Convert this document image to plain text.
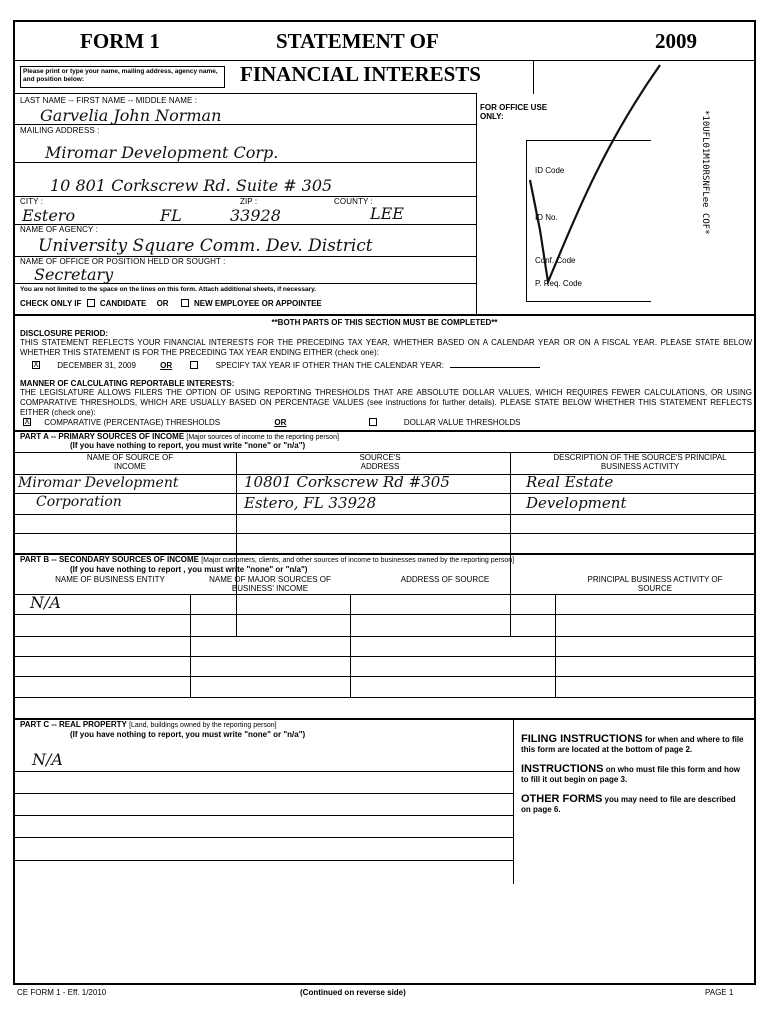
FORM 1	STATEMENT OF	2009
FINANCIAL INTERESTS
Please print or type your name, mailing address, agency name, and position below:
LAST NAME -- FIRST NAME -- MIDDLE NAME :
Garvelia John Norman
MAILING ADDRESS :
Miromar Development Corp.
10 801 Corkscrew Rd. Suite # 305
CITY :	ZIP :	COUNTY :
Estero	FL	33928	LEE
NAME OF AGENCY :
University Square Comm. Dev. District
NAME OF OFFICE OR POSITION HELD OR SOUGHT :
Secretary
You are not limited to the space on the lines on this form. Attach additional sheets, if necessary.
CHECK ONLY IF CANDIDATE OR	NEW EMPLOYEE OR APPOINTEE
FOR OFFICE USE ONLY:
ID Code
ID No.
Conf. Code
P. Req. Code
*10UFL01M10RSNFLee COF*
**BOTH PARTS OF THIS SECTION MUST BE COMPLETED**
DISCLOSURE PERIOD:
THIS STATEMENT REFLECTS YOUR FINANCIAL INTERESTS FOR THE PRECEDING TAX YEAR, WHETHER BASED ON A CALENDAR YEAR OR ON A FISCAL YEAR. PLEASE STATE BELOW WHETHER THIS STATEMENT IS FOR THE PRECEDING TAX YEAR ENDING EITHER (check one):
X DECEMBER 31, 2009	OR	SPECIFY TAX YEAR IF OTHER THAN THE CALENDAR YEAR:
MANNER OF CALCULATING REPORTABLE INTERESTS:
THE LEGISLATURE ALLOWS FILERS THE OPTION OF USING REPORTING THRESHOLDS THAT ARE ABSOLUTE DOLLAR VALUES, WHICH REQUIRES FEWER CALCULATIONS, OR USING COMPARATIVE THRESHOLDS, WHICH ARE USUALLY BASED ON PERCENTAGE VALUES (see instructions for further details). PLEASE STATE BELOW WHETHER THIS STATEMENT REFLECTS EITHER (check one):
X COMPARATIVE (PERCENTAGE) THRESHOLDS	OR	DOLLAR VALUE THRESHOLDS
PART A -- PRIMARY SOURCES OF INCOME [Major sources of income to the reporting person]
(If you have nothing to report, you must write "none" or "n/a")
NAME OF SOURCE OF INCOME
SOURCE'S ADDRESS
DESCRIPTION OF THE SOURCE'S PRINCIPAL BUSINESS ACTIVITY
Miromar Development	10801 Corkscrew Rd #305	Real Estate
Corporation	Estero, FL 33928	Development
PART B -- SECONDARY SOURCES OF INCOME [Major customers, clients, and other sources of income to businesses owned by the reporting person]
(If you have nothing to report , you must write "none" or "n/a")
NAME OF BUSINESS ENTITY	NAME OF MAJOR SOURCES OF BUSINESS' INCOME
ADDRESS OF SOURCE	PRINCIPAL BUSINESS ACTIVITY OF SOURCE
N/A
PART C -- REAL PROPERTY [Land, buildings owned by the reporting person]
(If you have nothing to report, you must write "none" or "n/a")
N/A
FILING INSTRUCTIONS for when and where to file this form are located at the bottom of page 2.
INSTRUCTIONS on who must file this form and how to fill it out begin on page 3.
OTHER FORMS you may need to file are described on page 6.
CE FORM 1 - Eff. 1/2010	(Continued on reverse side)	PAGE 1
